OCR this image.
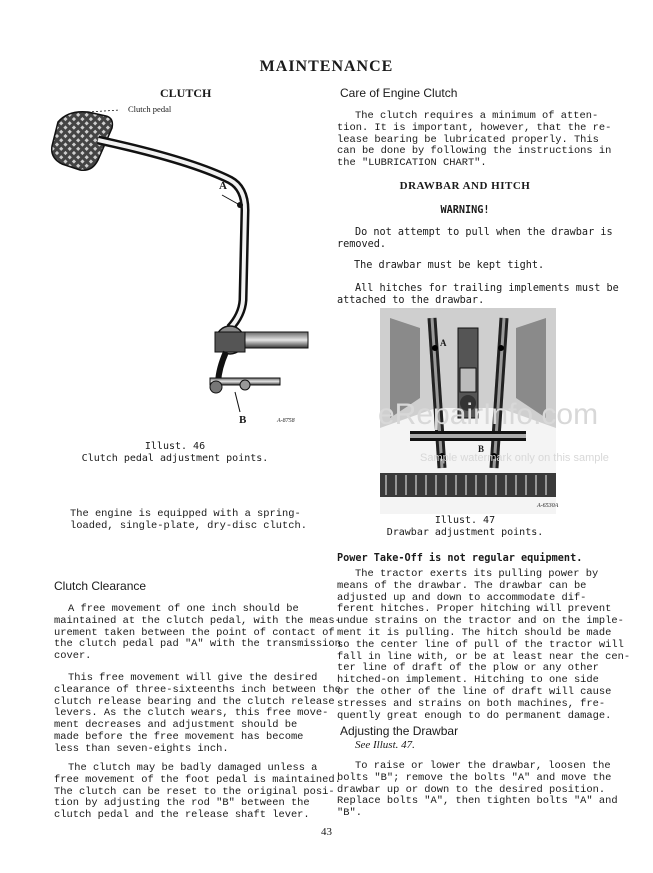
MAINTENANCE
CLUTCH
Clutch pedal
A
B	A-8758
Illust. 46
Clutch pedal adjustment points.
The engine is equipped with a spring-
loaded, single-plate, dry-disc clutch.
Clutch Clearance
A free movement of one inch should be
maintained at the clutch pedal, with the meas-
urement taken between the point of contact of
the clutch pedal pad "A" with the transmission
cover.
This free movement will give the desired
clearance of three-sixteenths inch between the
clutch release bearing and the clutch release
levers. As the clutch wears, this free move-
ment decreases and adjustment should be
made before the free movement has become
less than seven-eights inch.
The clutch may be badly damaged unless a
free movement of the foot pedal is maintained.
The clutch can be reset to the original posi-
tion by adjusting the rod "B" between the
clutch pedal and the release shaft lever.
Care of Engine Clutch
The clutch requires a minimum of atten-
tion. It is important, however, that the re-
lease bearing be lubricated properly. This
can be done by following the instructions in
the "LUBRICATION CHART".
DRAWBAR AND HITCH
WARNING!
Do not attempt to pull when the drawbar is
removed.
The drawbar must be kept tight.
All hitches for trailing implements must be
attached to the drawbar.
A
B
A-6530A
Illust. 47
Drawbar adjustment points.
Power Take-Off is not regular equipment.
The tractor exerts its pulling power by
means of the drawbar. The drawbar can be
adjusted up and down to accommodate dif-
ferent hitches. Proper hitching will prevent
undue strains on the tractor and on the imple-
ment it is pulling. The hitch should be made
so the center line of pull of the tractor will
fall in line with, or be at least near the cen-
ter line of draft of the plow or any other
hitched-on implement. Hitching to one side
or the other of the line of draft will cause
stresses and strains on both machines, fre-
quently great enough to do permanent damage.
Adjusting the Drawbar
See Illust. 47.
To raise or lower the drawbar, loosen the
bolts "B"; remove the bolts "A" and move the
drawbar up or down to the desired position.
Replace bolts "A", then tighten bolts "A" and
"B".
eRepairInfo.com
Sample watermark only on this sample
43
